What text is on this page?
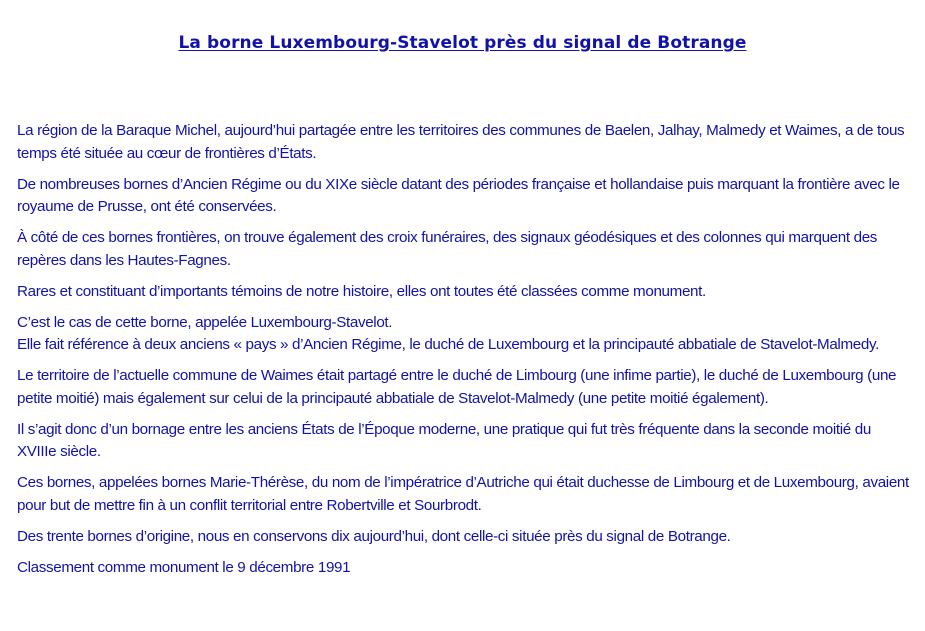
La borne Luxembourg-Stavelot près du signal de Botrange

La région de la Baraque Michel, aujourd’hui partagée entre les territoires des communes de Baelen, Jalhay, Malmedy et Waimes, a de tous temps été située au cœur de frontières d’États.

De nombreuses bornes d’Ancien Régime ou du XIXe siècle datant des périodes française et hollandaise puis marquant la frontière avec le royaume de Prusse, ont été conservées.

À côté de ces bornes frontières, on trouve également des croix funéraires, des signaux géodésiques et des colonnes qui marquent des repères dans les Hautes-Fagnes.

Rares et constituant d’importants témoins de notre histoire, elles ont toutes été classées comme monument.

C’est le cas de cette borne, appelée Luxembourg-Stavelot.

Elle fait référence à deux anciens « pays » d’Ancien Régime, le duché de Luxembourg et la principauté abbatiale de Stavelot-Malmedy.

Le territoire de l’actuelle commune de Waimes était partagé entre le duché de Limbourg (une infime partie), le duché de Luxembourg (une petite moitié) mais également sur celui de la principauté abbatiale de Stavelot-Malmedy (une petite moitié également).

Il s’agit donc d’un bornage entre les anciens États de l’Époque moderne, une pratique qui fut très fréquente dans la seconde moitié du XVIIIe siècle.

Ces bornes, appelées bornes Marie-Thérèse, du nom de l’impératrice d’Autriche qui était duchesse de Limbourg et de Luxembourg, avaient pour but de mettre fin à un conflit territorial entre Robertville et Sourbrodt.

Des trente bornes d’origine, nous en conservons dix aujourd’hui, dont celle-ci située près du signal de Botrange.

Classement comme monument le 9 décembre 1991
